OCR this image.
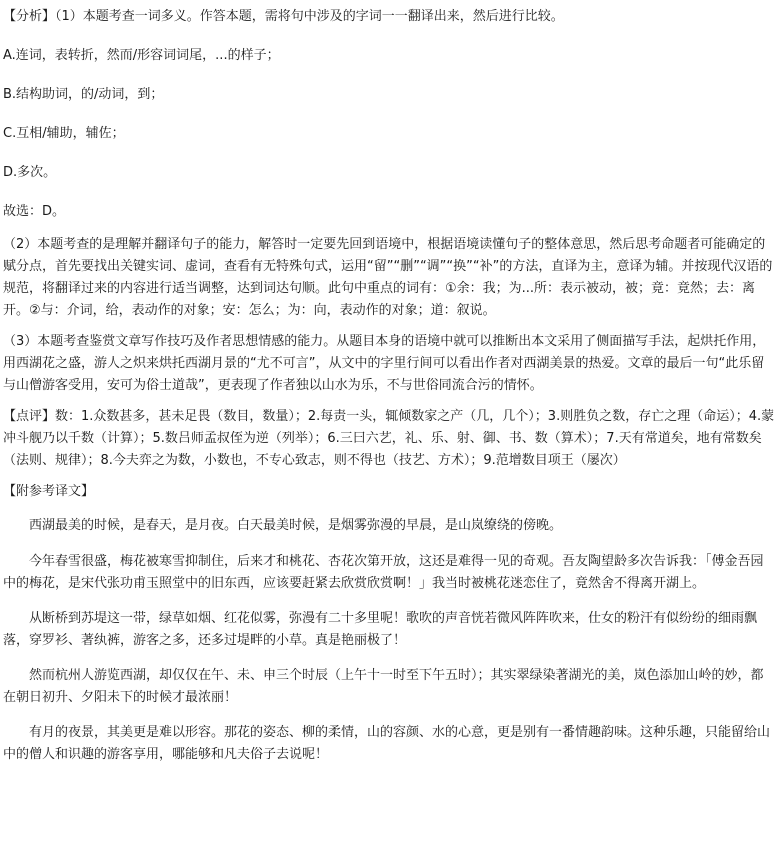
【分析】（1）本题考查一词多义。作答本题，需将句中涉及的字词一一翻译出来，然后进行比较。

A.连词，表转折，然而/形容词词尾，...的样子；

B.结构助词，的/动词，到；

C.互相/辅助，辅佐；

D.多次。

故选：D。

（2）本题考查的是理解并翻译句子的能力，解答时一定要先回到语境中，根据语境读懂句子的整体意思，然后思考命题者可能确定的赋分点，首先要找出关键实词、虚词，查看有无特殊句式，运用“留”“删”“调”“换”“补”的方法，直译为主，意译为辅。并按现代汉语的规范，将翻译过来的内容进行适当调整，达到词达句顺。此句中重点的词有：①余：我；为...所：表示被动，被；竟：竟然；去：离开。②与：介词，给，表动作的对象；安：怎么；为：向，表动作的对象；道：叙说。

（3）本题考查鉴赏文章写作技巧及作者思想情感的能力。从题目本身的语境中就可以推断出本文采用了侧面描写手法，起烘托作用，用西湖花之盛，游人之炽来烘托西湖月景的“尤不可言”，从文中的字里行间可以看出作者对西湖美景的热爱。文章的最后一句“此乐留与山僧游客受用，安可为俗士道哉”，更表现了作者独以山水为乐，不与世俗同流合污的情怀。

【点评】数：1.众数甚多，甚未足畏（数目，数量）；2.每责一头，辄倾数家之产（几，几个）；3.则胜负之数，存亡之理（命运）；4.蒙冲斗舰乃以千数（计算）；5.数吕师孟叔侄为逆（列举）；6.三曰六艺，礼、乐、射、御、书、数（算术）；7.天有常道矣，地有常数矣（法则、规律）；8.今夫弈之为数，小数也，不专心致志，则不得也（技艺、方术）；9.范增数目项王（屡次）

【附参考译文】

西湖最美的时候，是春天，是月夜。白天最美时候，是烟雾弥漫的早晨，是山岚缭绕的傍晚。

今年春雪很盛，梅花被寒雪抑制住，后来才和桃花、杏花次第开放，这还是难得一见的奇观。吾友陶望龄多次告诉我：「傅金吾园中的梅花，是宋代张功甫玉照堂中的旧东西，应该要赶紧去欣赏欣赏啊！」我当时被桃花迷恋住了，竟然舍不得离开湖上。

从断桥到苏堤这一带，绿草如烟、红花似雾，弥漫有二十多里呢！歌吹的声音恍若微风阵阵吹来，仕女的粉汗有似纷纷的细雨飘落，穿罗衫、著纨裤，游客之多，还多过堤畔的小草。真是艳丽极了！

然而杭州人游览西湖，却仅仅在午、未、申三个时辰（上午十一时至下午五时）；其实翠绿染著湖光的美，岚色添加山岭的妙，都在朝日初升、夕阳未下的时候才最浓丽！

有月的夜景，其美更是难以形容。那花的姿态、柳的柔情，山的容颜、水的心意，更是别有一番情趣韵味。这种乐趣，只能留给山中的僧人和识趣的游客享用，哪能够和凡夫俗子去说呢！
